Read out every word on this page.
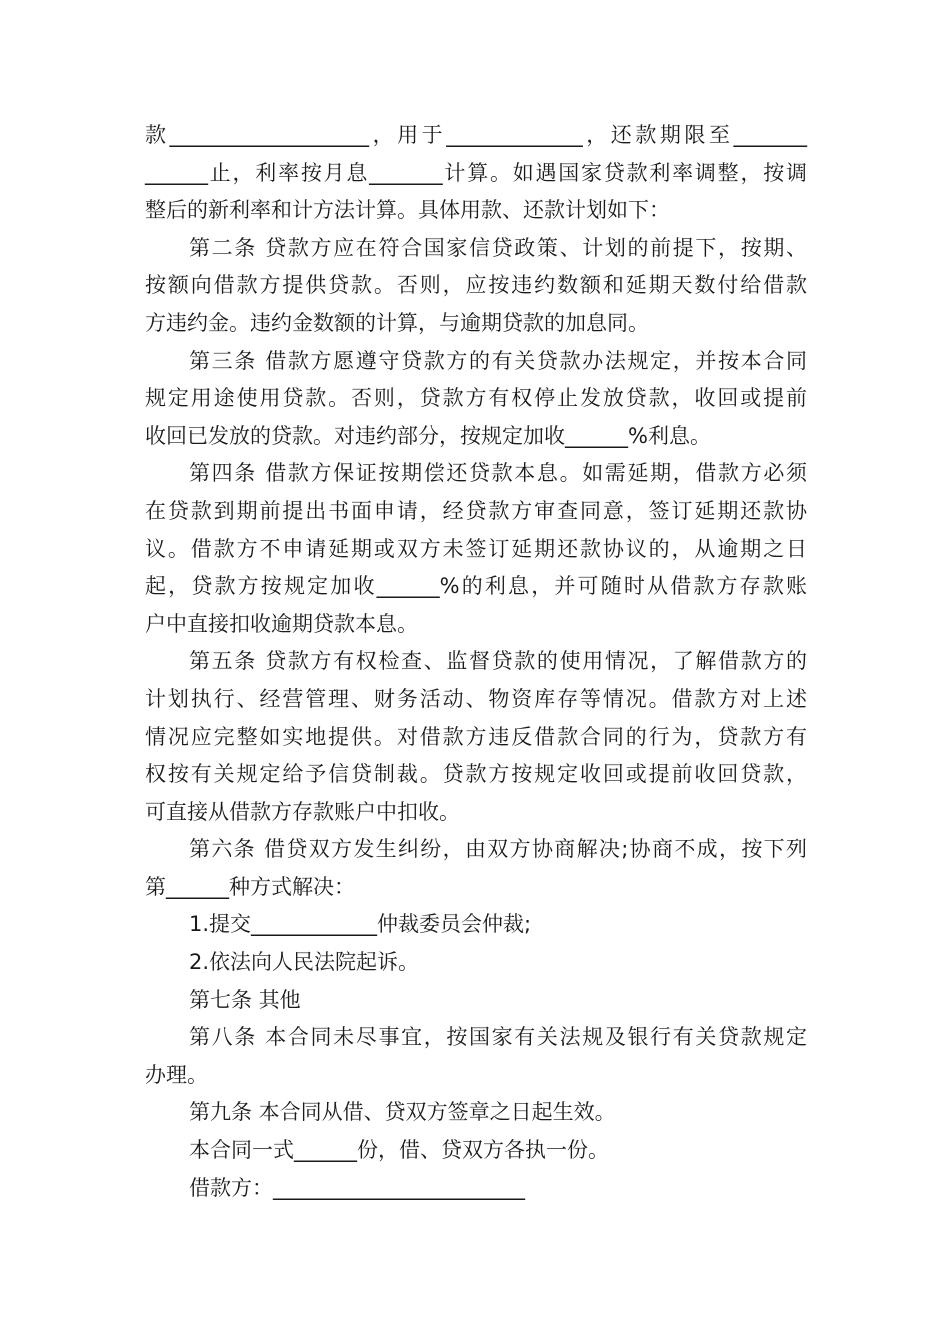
款___________________，用于_____________，还款期限至_______
______止，利率按月息_______计算。如遇国家贷款利率调整，按调
整后的新利率和计方法计算。具体用款、还款计划如下：
第二条 贷款方应在符合国家信贷政策、计划的前提下，按期、
按额向借款方提供贷款。否则，应按违约数额和延期天数付给借款
方违约金。违约金数额的计算，与逾期贷款的加息同。
第三条 借款方愿遵守贷款方的有关贷款办法规定，并按本合同
规定用途使用贷款。否则，贷款方有权停止发放贷款，收回或提前
收回已发放的贷款。对违约部分，按规定加收______%利息。
第四条 借款方保证按期偿还贷款本息。如需延期，借款方必须
在贷款到期前提出书面申请，经贷款方审查同意，签订延期还款协
议。借款方不申请延期或双方未签订延期还款协议的，从逾期之日
起，贷款方按规定加收______%的利息，并可随时从借款方存款账
户中直接扣收逾期贷款本息。
第五条 贷款方有权检查、监督贷款的使用情况，了解借款方的
计划执行、经营管理、财务活动、物资库存等情况。借款方对上述
情况应完整如实地提供。对借款方违反借款合同的行为，贷款方有
权按有关规定给予信贷制裁。贷款方按规定收回或提前收回贷款，
可直接从借款方存款账户中扣收。
第六条 借贷双方发生纠纷，由双方协商解决;协商不成，按下列
第______种方式解决：
1.提交____________仲裁委员会仲裁;
2.依法向人民法院起诉。
第七条 其他
第八条 本合同未尽事宜，按国家有关法规及银行有关贷款规定
办理。
第九条 本合同从借、贷双方签章之日起生效。
本合同一式______份，借、贷双方各执一份。
借款方：________________________
